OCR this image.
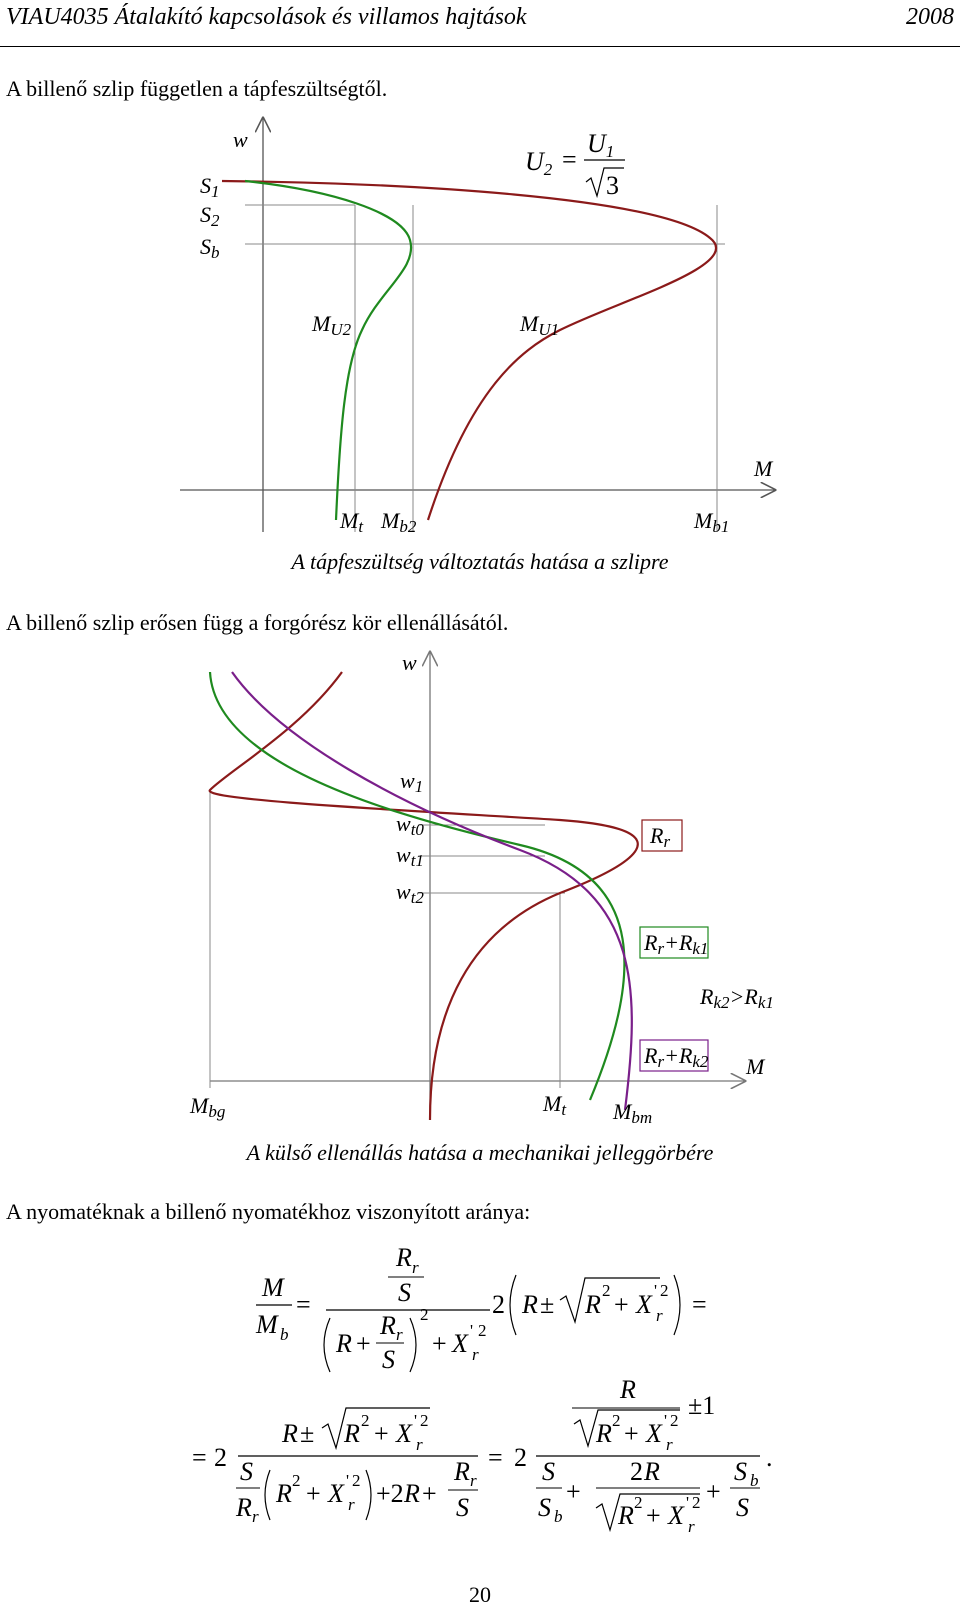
VIAU4035 Átalakító kapcsolások és villamos hajtások	2008
A billenő szlip független a tápfeszültségtől.
w
M
S1
S2
Sb
MU2	MU1
Mt Mb2	Mb1
U2 =
U1
3
A tápfeszültség változtatás hatása a szlipre
A billenő szlip erősen függ a forgórész kör ellenállásától.
Rr
Rr+Rk1
Rk2>Rk1
Rr+Rk2
w
M
w1
wt0
wt1
wt2
Mbg	Mt Mbm
A külső ellenállás hatása a mechanikai jelleggörbére
A nyomatéknak a billenő nyomatékhoz viszonyított aránya:
M
M b
=
R r
S
R +
R r
S
2
+ X ' 2
r
2 R ± R 2 + X ' 2
r =
= 2
R ± R 2 + X ' 2
r
S
R r
R 2 + X ' 2
r +2 R +
R r
S
= 2
R
R 2 + X ' 2
r
±1
.
S
S b
+
2 R
R 2 + X ' 2
r
+
S b
S
20
